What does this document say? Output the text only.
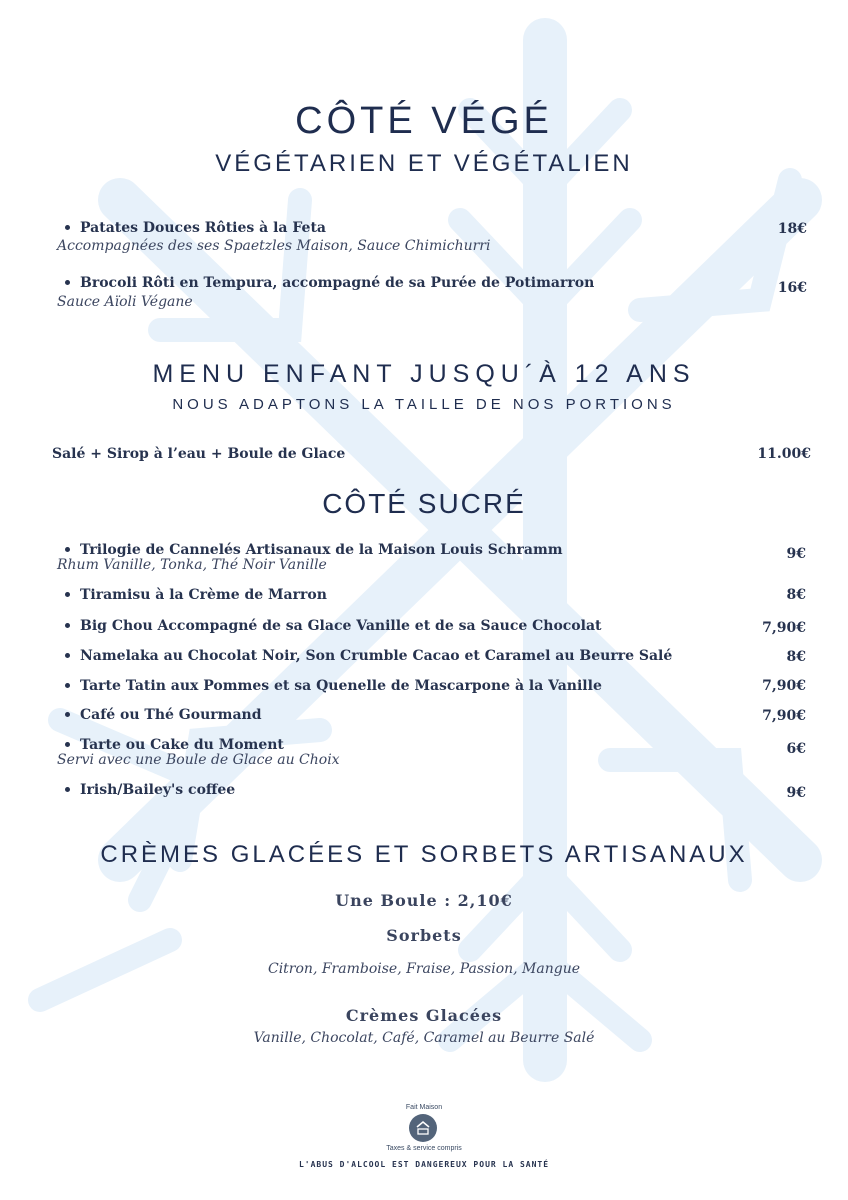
CÔTÉ VÉGÉ
VÉGÉTARIEN ET VÉGÉTALIEN
Patates Douces Rôties à la Feta
Accompagnées des ses Spaetzles Maison, Sauce Chimichurri
18€
Brocoli Rôti en Tempura, accompagné de sa Purée de Potimarron
Sauce Aïoli Végane
16€
MENU ENFANT JUSQU´À 12 ANS
NOUS ADAPTONS LA TAILLE DE NOS PORTIONS
Salé + Sirop à l’eau + Boule de Glace	11.00€
CÔTÉ SUCRÉ
Trilogie de Cannelés Artisanaux de la Maison Louis Schramm
Rhum Vanille, Tonka, Thé Noir Vanille
9€
Tiramisu à la Crème de Marron	8€
Big Chou Accompagné de sa Glace Vanille et de sa Sauce Chocolat	7,90€
Namelaka au Chocolat Noir, Son Crumble Cacao et Caramel au Beurre Salé	8€
Tarte Tatin aux Pommes et sa Quenelle de Mascarpone à la Vanille	7,90€
Café ou Thé Gourmand	7,90€
Tarte ou Cake du Moment
Servi avec une Boule de Glace au Choix
6€
Irish/Bailey's coffee	9€
CRÈMES GLACÉES ET SORBETS ARTISANAUX
Une Boule : 2,10€
Sorbets
Citron, Framboise, Fraise, Passion, Mangue
Crèmes Glacées
Vanille, Chocolat, Café, Caramel au Beurre Salé
Fait Maison
Taxes & service compris
L'ABUS D'ALCOOL EST DANGEREUX POUR LA SANTÉ
